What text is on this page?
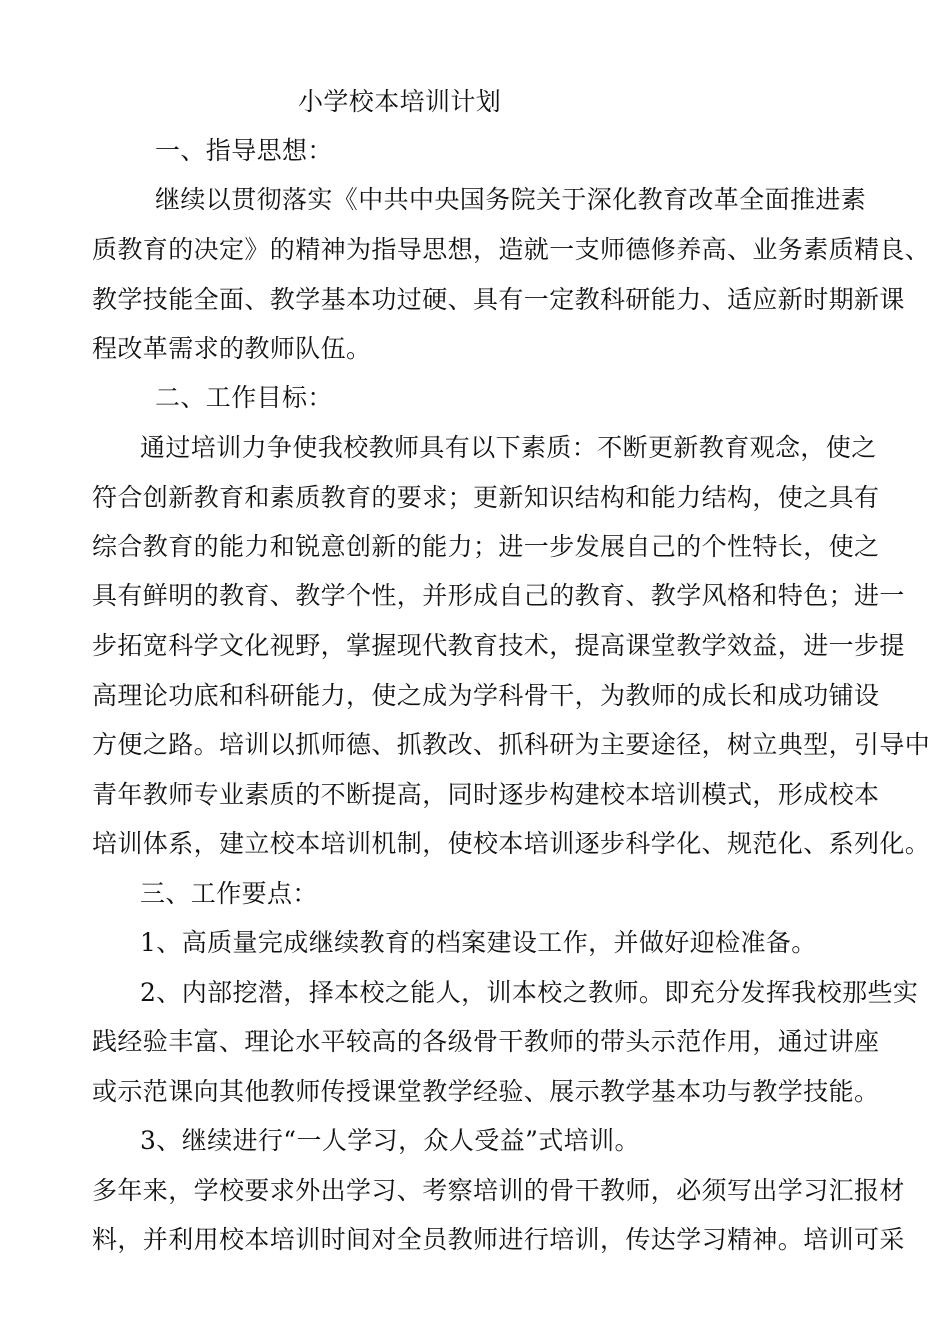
小学校本培训计划
一、指导思想：
继续以贯彻落实《中共中央国务院关于深化教育改革全面推进素
质教育的决定》的精神为指导思想，造就一支师德修养高、业务素质精良、
教学技能全面、教学基本功过硬、具有一定教科研能力、适应新时期新课
程改革需求的教师队伍。
二、工作目标：
通过培训力争使我校教师具有以下素质：不断更新教育观念，使之
符合创新教育和素质教育的要求；更新知识结构和能力结构，使之具有
综合教育的能力和锐意创新的能力；进一步发展自己的个性特长，使之
具有鲜明的教育、教学个性，并形成自己的教育、教学风格和特色；进一
步拓宽科学文化视野，掌握现代教育技术，提高课堂教学效益，进一步提
高理论功底和科研能力，使之成为学科骨干，为教师的成长和成功铺设
方便之路。培训以抓师德、抓教改、抓科研为主要途径，树立典型，引导中
青年教师专业素质的不断提高，同时逐步构建校本培训模式，形成校本
培训体系，建立校本培训机制，使校本培训逐步科学化、规范化、系列化。
三、工作要点：
1、高质量完成继续教育的档案建设工作，并做好迎检准备。
2、内部挖潜，择本校之能人，训本校之教师。即充分发挥我校那些实
践经验丰富、理论水平较高的各级骨干教师的带头示范作用，通过讲座
或示范课向其他教师传授课堂教学经验、展示教学基本功与教学技能。
3、继续进行“一人学习，众人受益”式培训。
多年来，学校要求外出学习、考察培训的骨干教师，必须写出学习汇报材
料，并利用校本培训时间对全员教师进行培训，传达学习精神。培训可采
